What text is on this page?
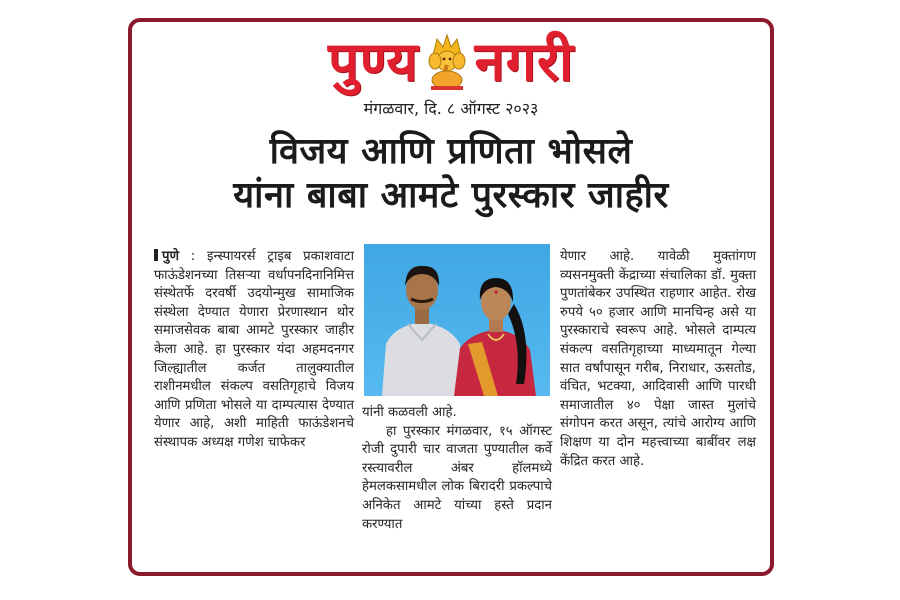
पुण्य नगरी
मंगळवार, दि. ८ ऑगस्ट २०२३
विजय आणि प्रणिता भोसले
यांना बाबा आमटे पुरस्कार जाहीर

पुणे : इन्स्पायरर्स ट्राइब प्रकाशवाटा फाऊंडेशनच्या तिसऱ्या वर्धापनदिनानिमित्त संस्थेतर्फे दरवर्षी उदयोन्मुख सामाजिक संस्थेला देण्यात येणारा प्रेरणास्थान थोर समाजसेवक बाबा आमटे पुरस्कार जाहीर केला आहे. हा पुरस्कार यंदा अहमदनगर जिल्ह्यातील कर्जत तालुक्यातील राशीनमधील संकल्प वसतिगृहाचे विजय आणि प्रणिता भोसले या दाम्पत्यास देण्यात येणार आहे, अशी माहिती फाऊंडेशनचे संस्थापक अध्यक्ष गणेश चाफेकर

यांनी कळवली आहे.

हा पुरस्कार मंगळवार, १५ ऑगस्ट रोजी दुपारी चार वाजता पुण्यातील कर्वे रस्त्यावरील अंबर हॉलमध्ये हेमलकसामधील लोक बिरादरी प्रकल्पाचे अनिकेत आमटे यांच्या हस्ते प्रदान करण्यात

येणार आहे. यावेळी मुक्तांगण व्यसनमुक्ती केंद्राच्या संचालिका डॉ. मुक्ता पुणतांबेकर उपस्थित राहणार आहेत. रोख रुपये ५० हजार आणि मानचिन्ह असे या पुरस्काराचे स्वरूप आहे. भोसले दाम्पत्य संकल्प वसतिगृहाच्या माध्यमातून गेल्या सात वर्षांपासून गरीब, निराधार, ऊसतोड, वंचित, भटक्या, आदिवासी आणि पारधी समाजातील ४० पेक्षा जास्त मुलांचे संगोपन करत असून, त्यांचे आरोग्य आणि शिक्षण या दोन महत्त्वाच्या बाबींवर लक्ष केंद्रित करत आहे.
